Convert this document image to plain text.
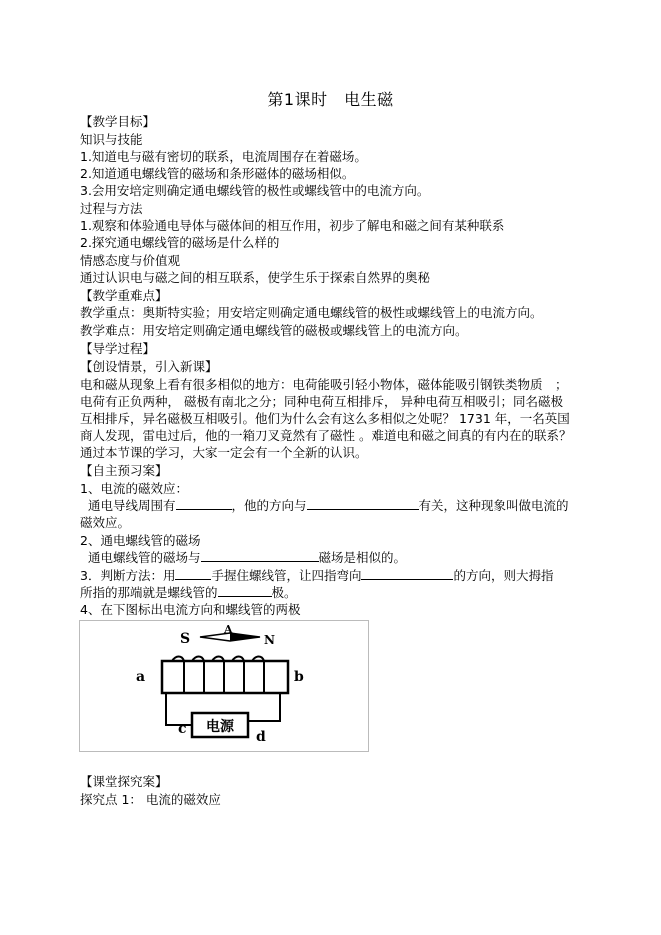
第1课时　电生磁
【教学目标】
知识与技能
1.知道电与磁有密切的联系，电流周围存在着磁场。
2.知道通电螺线管的磁场和条形磁体的磁场相似。
3.会用安培定则确定通电螺线管的极性或螺线管中的电流方向。
过程与方法
1.观察和体验通电导体与磁体间的相互作用，初步了解电和磁之间有某种联系
2.探究通电螺线管的磁场是什么样的
情感态度与价值观
通过认识电与磁之间的相互联系，使学生乐于探索自然界的奥秘
【教学重难点】
教学重点：奥斯特实验；用安培定则确定通电螺线管的极性或螺线管上的电流方向。
教学难点：用安培定则确定通电螺线管的磁极或螺线管上的电流方向。
【导学过程】
【创设情景，引入新课】
电和磁从现象上看有很多相似的地方：电荷能吸引轻小物体，磁体能吸引钢铁类物质　；
电荷有正负两种， 磁极有南北之分；同种电荷互相排斥， 异种电荷互相吸引；同名磁极
互相排斥，异名磁极互相吸引。他们为什么会有这么多相似之处呢？ 1731 年，一名英国
商人发现，雷电过后，他的一箱刀叉竟然有了磁性 。难道电和磁之间真的有内在的联系？
通过本节课的学习，大家一定会有一个全新的认识。
【自主预习案】
1、电流的磁效应：
通电导线周围有	，他的方向与	有关，这种现象叫做电流的
磁效应。
2、通电螺线管的磁场
通电螺线管的磁场与	磁场是相似的。
3．判断方法：用	手握住螺线管，让四指弯向	的方向，则大拇指
所指的那端就是螺线管的	极。
4、在下图标出电流方向和螺线管的两极
S
A
N
a	b
电源
c	d
【课堂探究案】
探究点 1： 电流的磁效应
